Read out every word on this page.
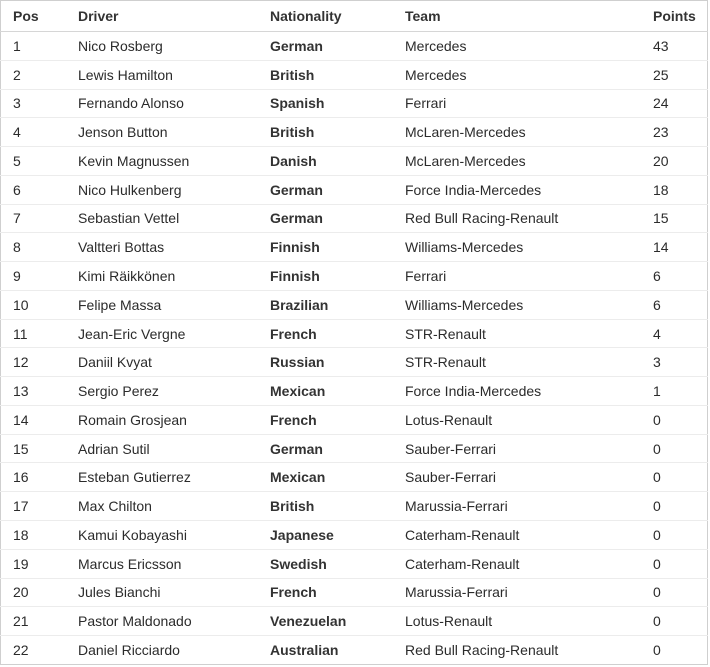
Pos	Driver	Nationality	Team	Points
1	Nico Rosberg	German	Mercedes	43
2	Lewis Hamilton	British	Mercedes	25
3	Fernando Alonso	Spanish	Ferrari	24
4	Jenson Button	British	McLaren-Mercedes	23
5	Kevin Magnussen	Danish	McLaren-Mercedes	20
6	Nico Hulkenberg	German	Force India-Mercedes	18
7	Sebastian Vettel	German	Red Bull Racing-Renault	15
8	Valtteri Bottas	Finnish	Williams-Mercedes	14
9	Kimi Räikkönen	Finnish	Ferrari	6
10	Felipe Massa	Brazilian	Williams-Mercedes	6
11	Jean-Eric Vergne	French	STR-Renault	4
12	Daniil Kvyat	Russian	STR-Renault	3
13	Sergio Perez	Mexican	Force India-Mercedes	1
14	Romain Grosjean	French	Lotus-Renault	0
15	Adrian Sutil	German	Sauber-Ferrari	0
16	Esteban Gutierrez	Mexican	Sauber-Ferrari	0
17	Max Chilton	British	Marussia-Ferrari	0
18	Kamui Kobayashi	Japanese	Caterham-Renault	0
19	Marcus Ericsson	Swedish	Caterham-Renault	0
20	Jules Bianchi	French	Marussia-Ferrari	0
21	Pastor Maldonado	Venezuelan	Lotus-Renault	0
22	Daniel Ricciardo	Australian	Red Bull Racing-Renault	0
